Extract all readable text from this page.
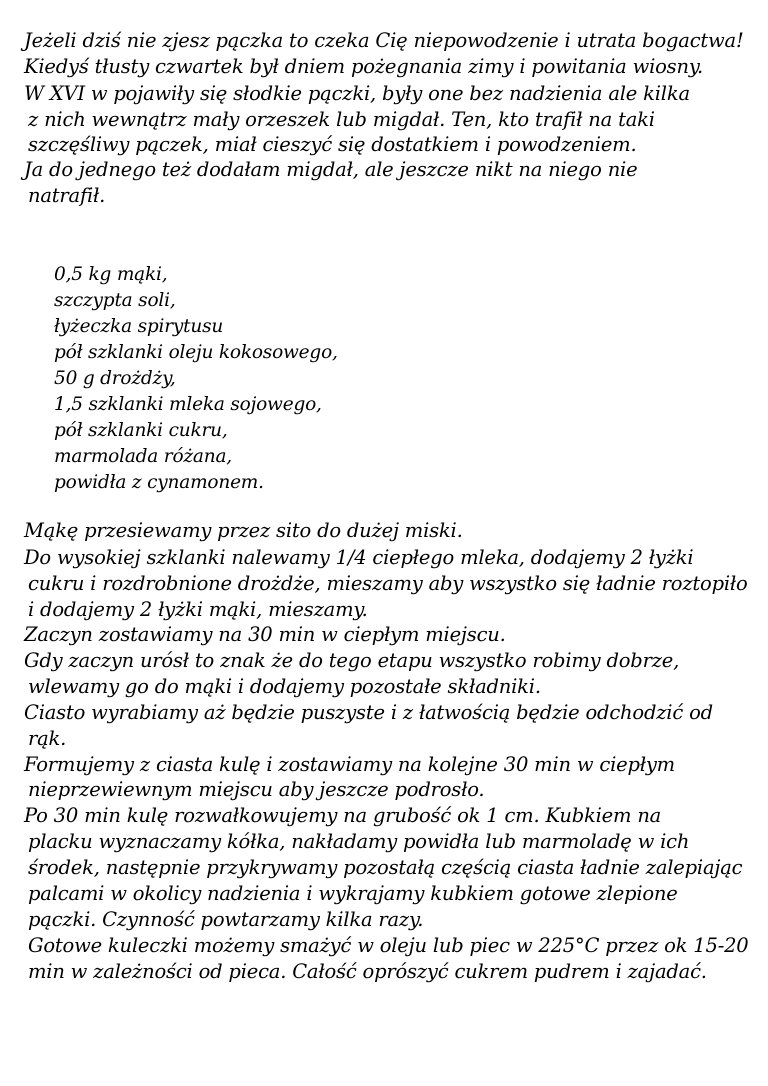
Jeżeli dziś nie zjesz pączka to czeka Cię niepowodzenie i utrata bogactwa!
Kiedyś tłusty czwartek był dniem pożegnania zimy i powitania wiosny.
W XVI w pojawiły się słodkie pączki, były one bez nadzienia ale kilka
z nich wewnątrz mały orzeszek lub migdał. Ten, kto trafił na taki
szczęśliwy pączek, miał cieszyć się dostatkiem i powodzeniem.
Ja do jednego też dodałam migdał, ale jeszcze nikt na niego nie
natrafił.
0,5 kg mąki,
szczypta soli,
łyżeczka spirytusu
pół szklanki oleju kokosowego,
50 g drożdży,
1,5 szklanki mleka sojowego,
pół szklanki cukru,
marmolada różana,
powidła z cynamonem.
Mąkę przesiewamy przez sito do dużej miski.
Do wysokiej szklanki nalewamy 1/4 ciepłego mleka, dodajemy 2 łyżki
cukru i rozdrobnione drożdże, mieszamy aby wszystko się ładnie roztopiło
i dodajemy 2 łyżki mąki, mieszamy.
Zaczyn zostawiamy na 30 min w ciepłym miejscu.
Gdy zaczyn urósł to znak że do tego etapu wszystko robimy dobrze,
wlewamy go do mąki i dodajemy pozostałe składniki.
Ciasto wyrabiamy aż będzie puszyste i z łatwością będzie odchodzić od
rąk.
Formujemy z ciasta kulę i zostawiamy na kolejne 30 min w ciepłym
nieprzewiewnym miejscu aby jeszcze podrosło.
Po 30 min kulę rozwałkowujemy na grubość ok 1 cm. Kubkiem na
placku wyznaczamy kółka, nakładamy powidła lub marmoladę w ich
środek, następnie przykrywamy pozostałą częścią ciasta ładnie zalepiając
palcami w okolicy nadzienia i wykrajamy kubkiem gotowe zlepione
pączki. Czynność powtarzamy kilka razy.
Gotowe kuleczki możemy smażyć w oleju lub piec w 225°C przez ok 15-20
min w zależności od pieca. Całość oprószyć cukrem pudrem i zajadać.
